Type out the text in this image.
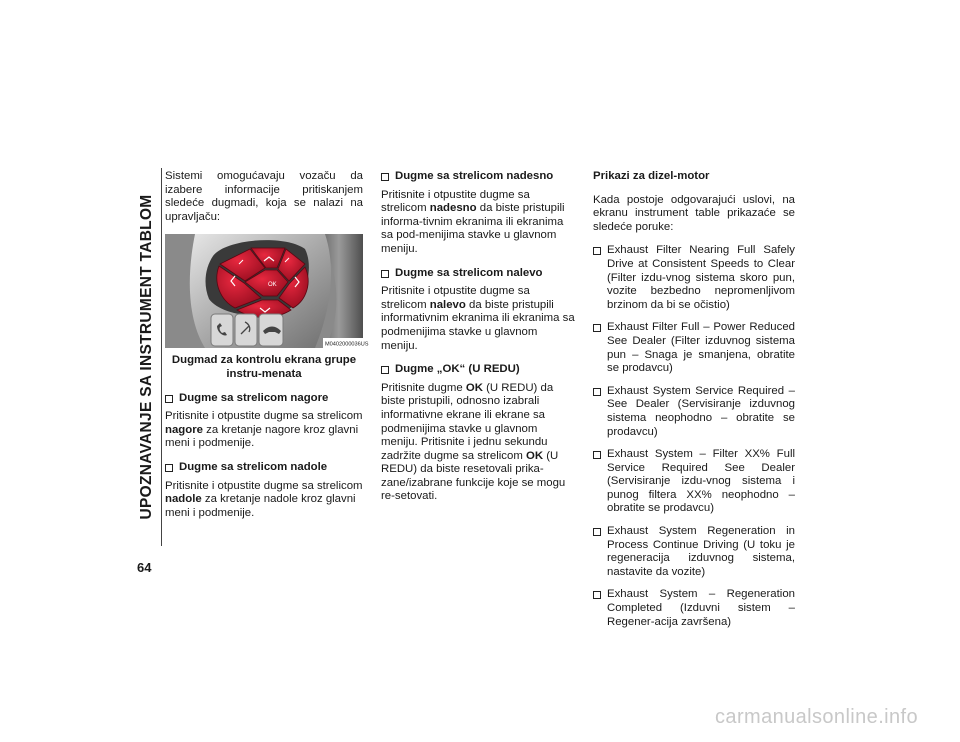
UPOZNAVANJE SA INSTRUMENT TABLOM
64

Sistemi omogućavaju vozaču da izabere informacije pritiskanjem sledeće dugmadi, koja se nalazi na upravljaču:

OK
M0402000036US

Dugmad za kontrolu ekrana grupe instru-menata

Dugme sa strelicom nagore

Pritisnite i otpustite dugme sa strelicom nagore za kretanje nagore kroz glavni meni i podmenije.

Dugme sa strelicom nadole

Pritisnite i otpustite dugme sa strelicom nadole za kretanje nadole kroz glavni meni i podmenije.

Dugme sa strelicom nadesno

Pritisnite i otpustite dugme sa strelicom nadesno da biste pristupili informa-tivnim ekranima ili ekranima sa pod-menijima stavke u glavnom meniju.

Dugme sa strelicom nalevo

Pritisnite i otpustite dugme sa strelicom nalevo da biste pristupili informativnim ekranima ili ekranima sa podmenijima stavke u glavnom meniju.

Dugme „OK“ (U REDU)

Pritisnite dugme OK (U REDU) da biste pristupili, odnosno izabrali informativne ekrane ili ekrane sa podmenijima stavke u glavnom meniju. Pritisnite i jednu sekundu zadržite dugme sa strelicom OK (U REDU) da biste resetovali prika-zane/izabrane funkcije koje se mogu re-setovati.

Prikazi za dizel-motor

Kada postoje odgovarajući uslovi, na ekranu instrument table prikazaće se sledeće poruke:

Exhaust Filter Nearing Full Safely Drive at Consistent Speeds to Clear (Filter izdu-vnog sistema skoro pun, vozite bezbedno nepromenljivom brzinom da bi se očistio)
Exhaust Filter Full – Power Reduced See Dealer (Filter izduvnog sistema pun – Snaga je smanjena, obratite se prodavcu)
Exhaust System Service Required – See Dealer (Servisiranje izduvnog sistema neophodno – obratite se prodavcu)
Exhaust System – Filter XX% Full Service Required See Dealer (Servisiranje izdu-vnog sistema i punog filtera XX% neophodno – obratite se prodavcu)
Exhaust System Regeneration in Process Continue Driving (U toku je regeneracija izduvnog sistema, nastavite da vozite)
Exhaust System – Regeneration Completed (Izduvni sistem – Regener-acija završena)
carmanualsonline.info
